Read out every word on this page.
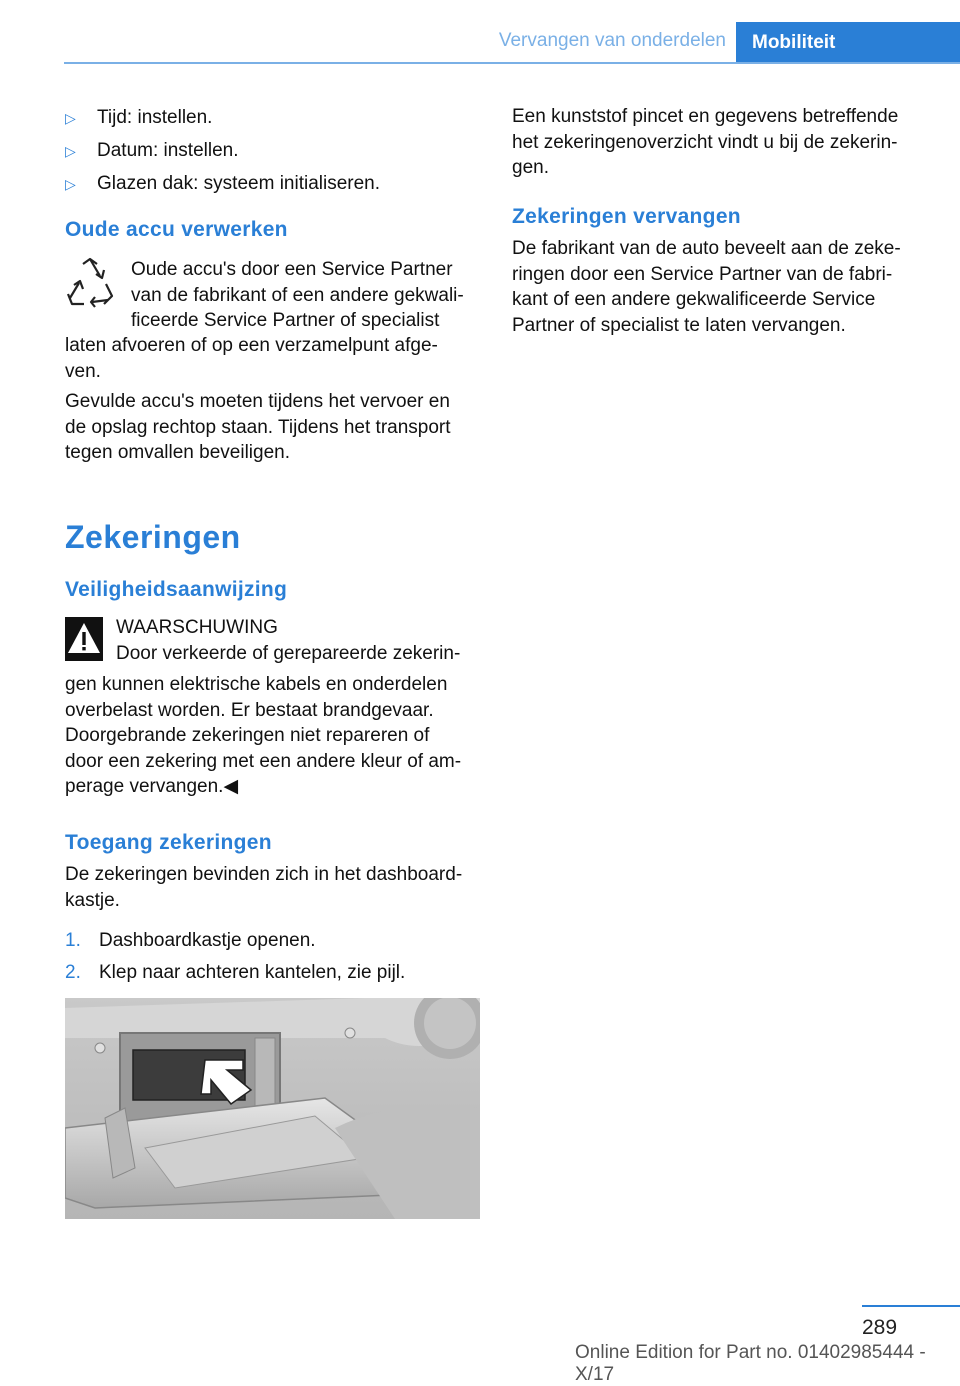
Vervangen van onderdelen	Mobiliteit
▷ Tijd: instellen.
▷ Datum: instellen.
▷ Glazen dak: systeem initialiseren.
Oude accu verwerken

Oude accu's door een Service Partner

van de fabrikant of een andere gekwali‐

ficeerde Service Partner of specialist

laten afvoeren of op een verzamelpunt afge‐

ven.

Gevulde accu's moeten tijdens het vervoer en

de opslag rechtop staan. Tijdens het transport

tegen omvallen beveiligen.

Zekeringen
Veiligheidsaanwijzing

WAARSCHUWING

Door verkeerde of gerepareerde zekerin‐

gen kunnen elektrische kabels en onderdelen

overbelast worden. Er bestaat brandgevaar.

Doorgebrande zekeringen niet repareren of

door een zekering met een andere kleur of am‐

perage vervangen.◀

Toegang zekeringen

De zekeringen bevinden zich in het dashboard‐

kastje.

1. Dashboardkastje openen.
2. Klep naar achteren kantelen, zie pijl.

Een kunststof pincet en gegevens betreffende

het zekeringenoverzicht vindt u bij de zekerin‐

gen.

Zekeringen vervangen

De fabrikant van de auto beveelt aan de zeke‐

ringen door een Service Partner van de fabri‐

kant of een andere gekwalificeerde Service

Partner of specialist te laten vervangen.

289
Online Edition for Part no. 01402985444 - X/17
